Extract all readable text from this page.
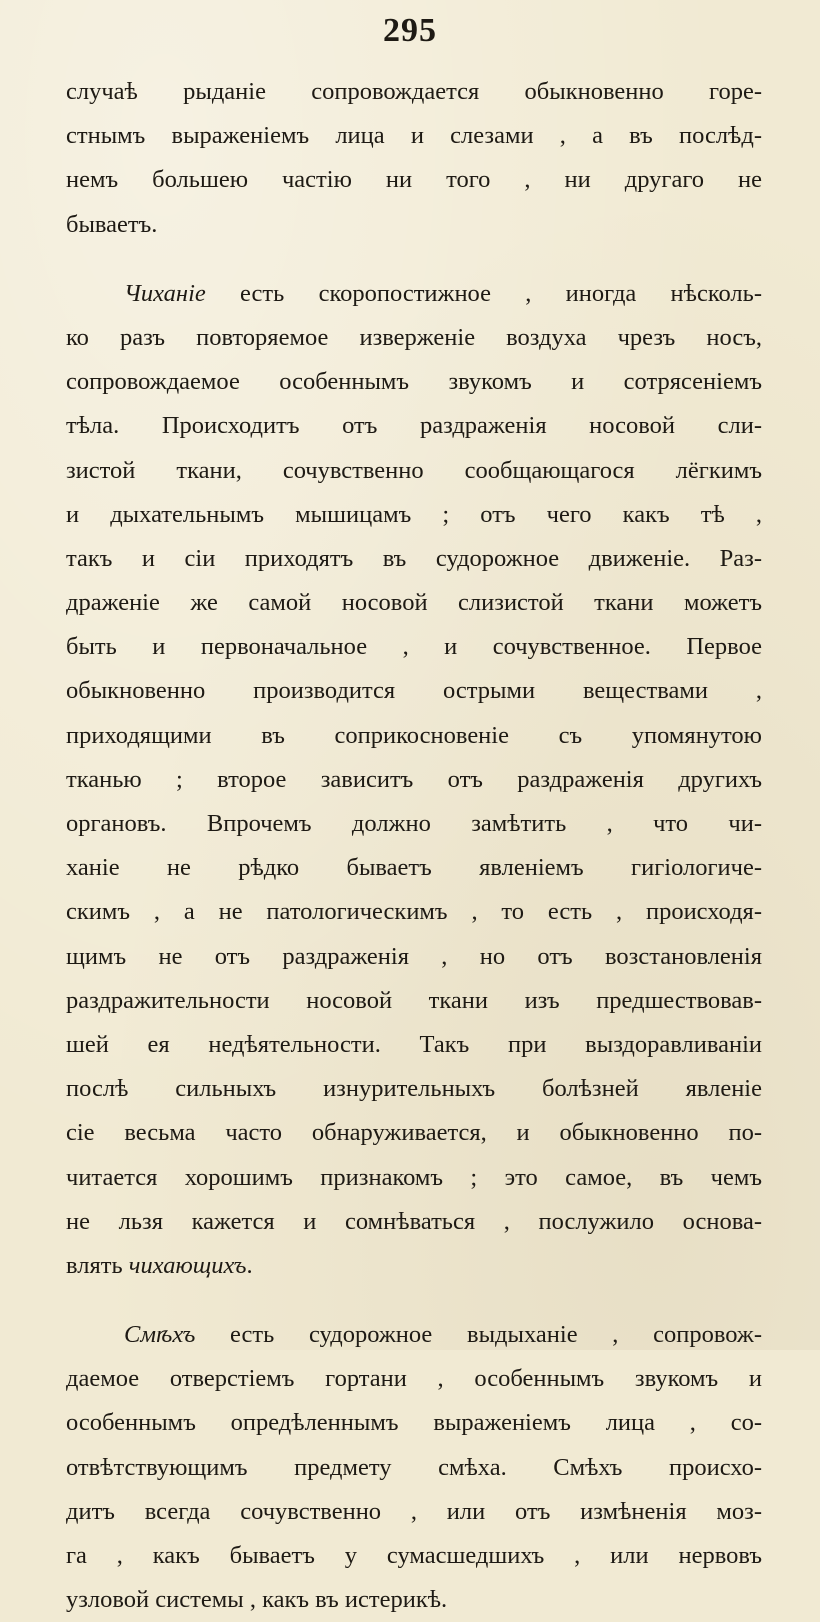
295
случаѣ рыданіе сопровождается обыкновенно горе-
стнымъ выраженіемъ лица и слезами , а въ послѣд-
немъ большею частію ни того , ни другаго не
бываетъ.
Чиханіе есть скоропостижное , иногда нѣсколь-
ко разъ повторяемое изверженіе воздуха чрезъ носъ,
сопровождаемое особеннымъ звукомъ и сотрясеніемъ
тѣла. Происходитъ отъ раздраженія носовой сли-
зистой ткани, сочувственно сообщающагося лёгкимъ
и дыхательнымъ мышицамъ ; отъ чего какъ тѣ ,
такъ и сіи приходятъ въ судорожное движеніе. Раз-
драженіе же самой носовой слизистой ткани можетъ
быть и первоначальное , и сочувственное. Первое
обыкновенно производится острыми веществами ,
приходящими въ соприкосновеніе съ упомянутою
тканью ; второе зависитъ отъ раздраженія другихъ
органовъ. Впрочемъ должно замѣтить , что чи-
ханіе не рѣдко бываетъ явленіемъ гигіологиче-
скимъ , а не патологическимъ , то есть , происходя-
щимъ не отъ раздраженія , но отъ возстановленія
раздражительности носовой ткани изъ предшествовав-
шей ея недѣятельности. Такъ при выздоравливаніи
послѣ сильныхъ изнурительныхъ болѣзней явленіе
сіе весьма часто обнаруживается, и обыкновенно по-
читается хорошимъ признакомъ ; это самое, въ чемъ
не льзя кажется и сомнѣваться , послужило основа-
влять чихающихъ.
Смѣхъ есть судорожное выдыханіе , сопровож-
даемое отверстіемъ гортани , особеннымъ звукомъ и
особеннымъ опредѣленнымъ выраженіемъ лица , со-
отвѣтствующимъ предмету смѣха. Смѣхъ происхо-
дитъ всегда сочувственно , или отъ измѣненія моз-
га , какъ бываетъ у сумасшедшихъ , или нервовъ
узловой системы , какъ въ истерикѣ.
